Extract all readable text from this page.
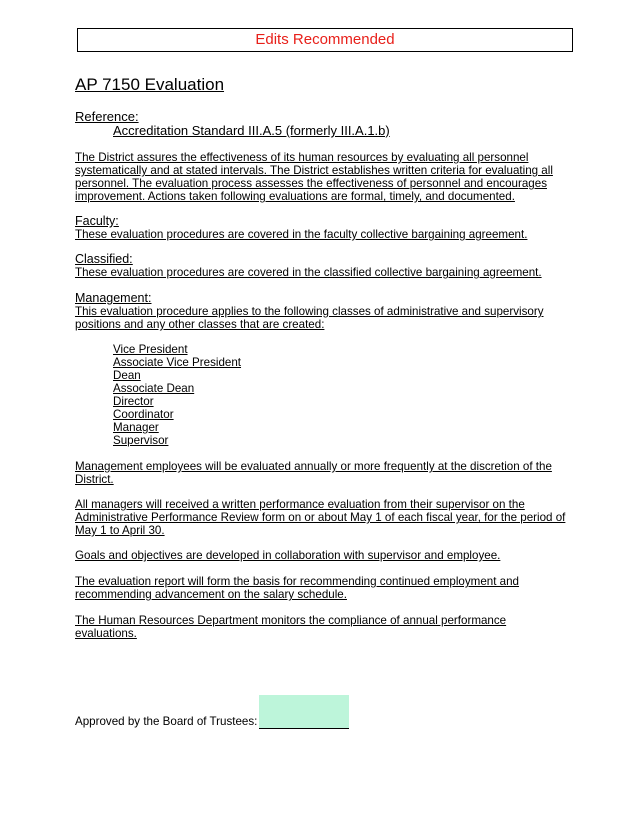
Edits Recommended
AP 7150 Evaluation
Reference:
Accreditation Standard III.A.5 (formerly III.A.1.b)
The District assures the effectiveness of its human resources by evaluating all personnel
systematically and at stated intervals. The District establishes written criteria for evaluating all
personnel. The evaluation process assesses the effectiveness of personnel and encourages
improvement. Actions taken following evaluations are formal, timely, and documented.
Faculty:
These evaluation procedures are covered in the faculty collective bargaining agreement.
Classified:
These evaluation procedures are covered in the classified collective bargaining agreement.
Management:
This evaluation procedure applies to the following classes of administrative and supervisory
positions and any other classes that are created:
Vice President
Associate Vice President
Dean
Associate Dean
Director
Coordinator
Manager
Supervisor
Management employees will be evaluated annually or more frequently at the discretion of the
District.
All managers will received a written performance evaluation from their supervisor on the
Administrative Performance Review form on or about May 1 of each fiscal year, for the period of
May 1 to April 30.
Goals and objectives are developed in collaboration with supervisor and employee.
The evaluation report will form the basis for recommending continued employment and
recommending advancement on the salary schedule.
The Human Resources Department monitors the compliance of annual performance
evaluations.
Approved by the Board of Trustees:
